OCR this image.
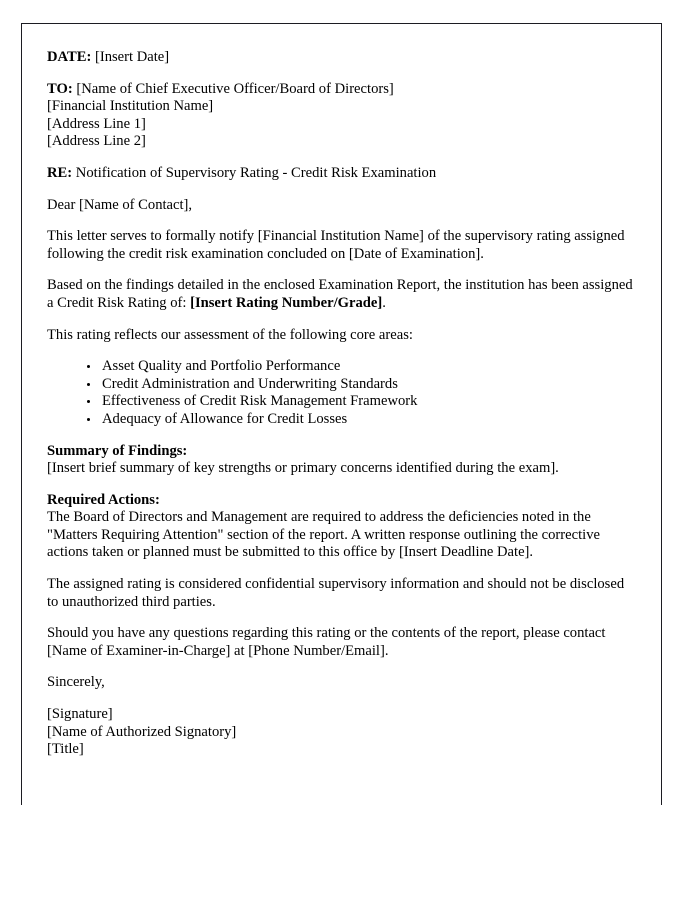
DATE: [Insert Date]

TO: [Name of Chief Executive Officer/Board of Directors]
[Financial Institution Name]
[Address Line 1]
[Address Line 2]

RE: Notification of Supervisory Rating - Credit Risk Examination

Dear [Name of Contact],

This letter serves to formally notify [Financial Institution Name] of the supervisory rating assigned following the credit risk examination concluded on [Date of Examination].

Based on the findings detailed in the enclosed Examination Report, the institution has been assigned a Credit Risk Rating of: [Insert Rating Number/Grade].

This rating reflects our assessment of the following core areas:

• Asset Quality and Portfolio Performance
• Credit Administration and Underwriting Standards
• Effectiveness of Credit Risk Management Framework
• Adequacy of Allowance for Credit Losses

Summary of Findings:
[Insert brief summary of key strengths or primary concerns identified during the exam].

Required Actions:
The Board of Directors and Management are required to address the deficiencies noted in the "Matters Requiring Attention" section of the report. A written response outlining the corrective actions taken or planned must be submitted to this office by [Insert Deadline Date].

The assigned rating is considered confidential supervisory information and should not be disclosed to unauthorized third parties.

Should you have any questions regarding this rating or the contents of the report, please contact [Name of Examiner-in-Charge] at [Phone Number/Email].

Sincerely,

[Signature]
[Name of Authorized Signatory]
[Title]
